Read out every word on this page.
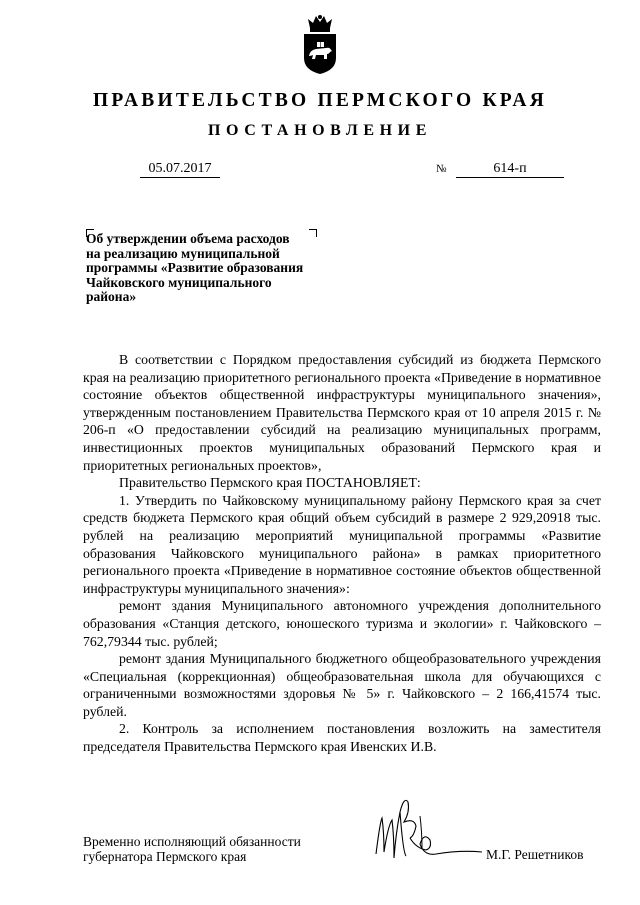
ПРАВИТЕЛЬСТВО ПЕРМСКОГО КРАЯ
ПОСТАНОВЛЕНИЕ
05.07.2017	№	614-п
Об утверждении объема расходов
на реализацию муниципальной
программы «Развитие образования
Чайковского муниципального
района»

В соответствии с Порядком предоставления субсидий из бюджета Пермского края на реализацию приоритетного регионального проекта «Приведение в нормативное состояние объектов общественной инфраструктуры муниципального значения», утвержденным постановлением Правительства Пермского края от 10 апреля 2015 г. № 206-п «О предоставлении субсидий на реализацию муниципальных программ, инвестиционных проектов муниципальных образований Пермского края и приоритетных региональных проектов»,

Правительство Пермского края ПОСТАНОВЛЯЕТ:

1. Утвердить по Чайковскому муниципальному району Пермского края за счет средств бюджета Пермского края общий объем субсидий в размере 2 929,20918 тыс. рублей на реализацию мероприятий муниципальной программы «Развитие образования Чайковского муниципального района» в рамках приоритетного регионального проекта «Приведение в нормативное состояние объектов общественной инфраструктуры муниципального значения»:

ремонт здания Муниципального автономного учреждения дополнительного образования «Станция детского, юношеского туризма и экологии» г. Чайковского – 762,79344 тыс. рублей;

ремонт здания Муниципального бюджетного общеобразовательного учреждения «Специальная (коррекционная) общеобразовательная школа для обучающихся с ограниченными возможностями здоровья № 5» г. Чайковского – 2 166,41574 тыс. рублей.

2. Контроль за исполнением постановления возложить на заместителя председателя Правительства Пермского края Ивенских И.В.

Временно исполняющий обязанности
губернатора Пермского края	М.Г. Решетников
